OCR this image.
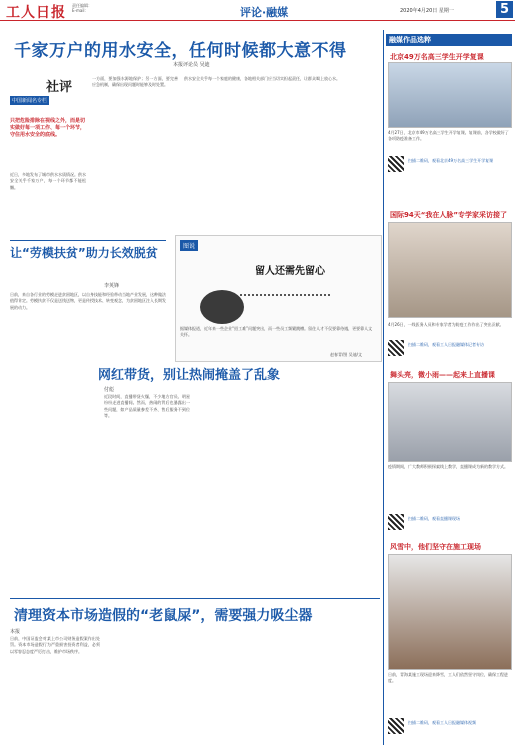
工人日报 责任编辑：
E-mail：	评论·融媒	2020年4月20日 星期一	5
千家万户的用水安全，任何时候都大意不得
本报评论员 吴迪
社评
中国新闻名专栏
只把危险排除在视线之外，而是切实做好每一项工作、每一个环节，守住用水安全的底线。
近日，多地发布了城市供水水质情况。供水安全关乎千家万户，每一个环节都不能松懈。
一方面，要加强水源地保护；另一方面，要完善应急机制，确保出现问题时能够及时处置。
供水安全关乎每一个家庭的健康，各地相关部门应当切实担起责任，让群众喝上放心水。
让“劳模扶贫”助力长效脱贫
李英锋
日前，来自各行业的劳模走进贫困地区，以自身技能和经验带动当地产业发展，这种做法值得肯定。劳模扶贫不仅是送钱送物，更是传授技术、转变观念，为贫困地区注入长期发展的动力。
图说
留人还需先留心
据媒体报道，近年来一些企业“招工难”问题突出，而一些员工频繁跳槽。留住人才不仅要靠待遇，更要靠人文关怀。
赵春青/图 吴迪/文
网红带货，别让热闹掩盖了乱象
付彪
近段时间，直播带货火爆，不少地方官员、明星纷纷走进直播间。然而，热闹的背后也暴露出一些问题，如产品质量参差不齐、售后服务不到位等。
清理资本市场造假的“老鼠屎”，需要强力吸尘器
本报
日前，中国证监会对某上市公司财务造假案作出处罚。资本市场造假行为严重损害投资者利益，必须以零容忍态度严厉打击，维护市场秩序。
融媒作品选粹
北京49万名高三学生开学复课
4月27日，北京市49万名高三学生开学复课。复课前，各学校做好了各项防疫准备工作。
扫描二维码，观看北京49万名高三学生开学复课
国际94天“我在人脉”专学家采访接了
4月26日，一线医务人员和专家学者为防疫工作作出了突出贡献。
扫描二维码，观看工人日报融媒体记者专访
舞头亮，微小雨——起来上直播课
疫情期间，广大教师积极探索线上教学，直播课成为新的教学方式。
扫描二维码，观看直播课现场
风雪中，他们坚守在施工现场
日前，青海某施工现场迎来降雪，工人们依然坚守岗位，确保工程进度。
扫描二维码，观看工人日报融媒体视频
